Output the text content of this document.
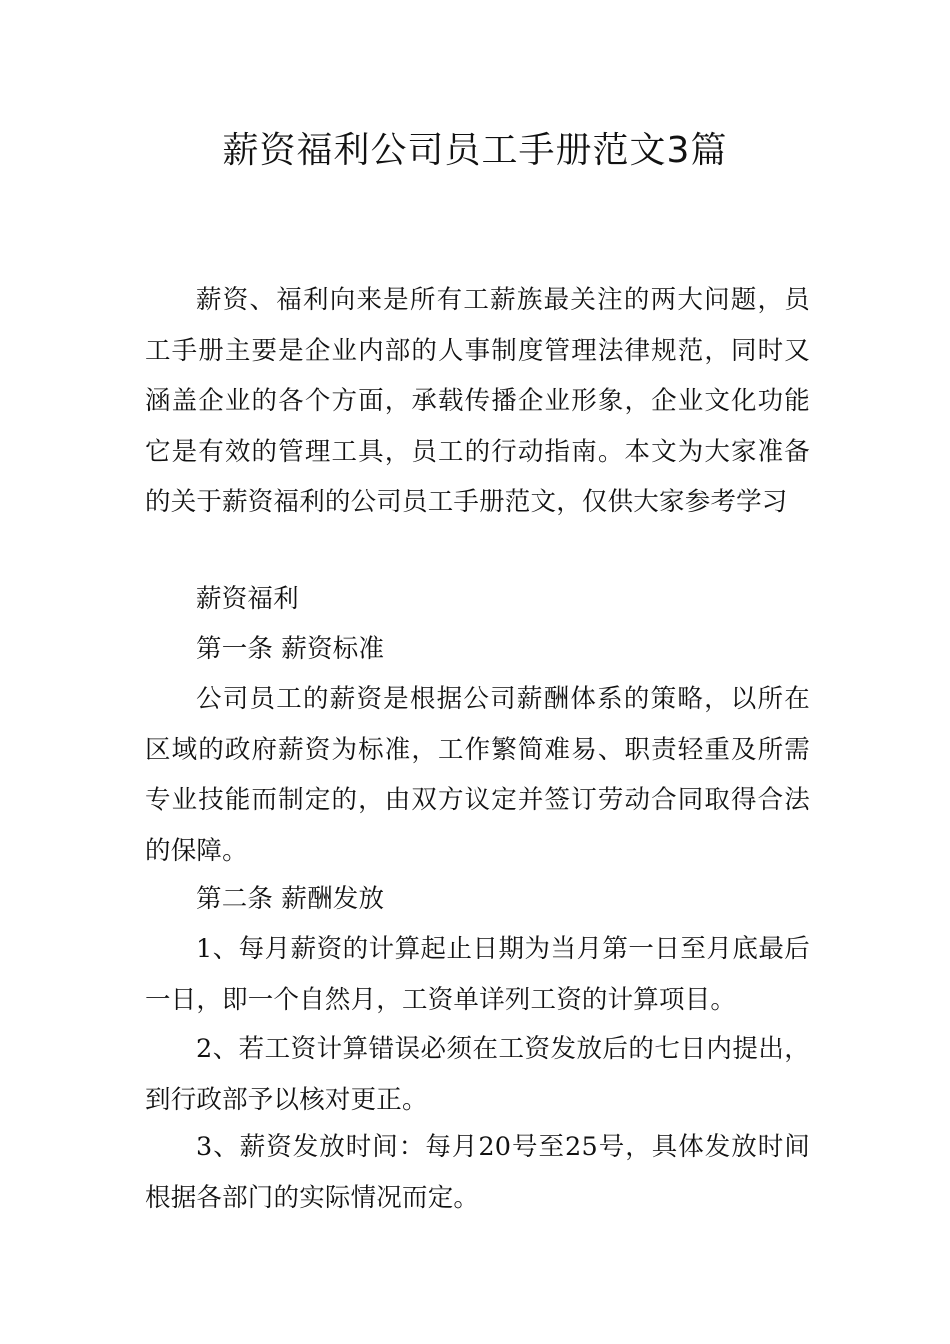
薪资福利公司员工手册范文3篇

薪资、福利向来是所有工薪族最关注的两大问题，员工手册主要是企业内部的人事制度管理法律规范，同时又涵盖企业的各个方面，承载传播企业形象，企业文化功能它是有效的管理工具，员工的行动指南。本文为大家准备的关于薪资福利的公司员工手册范文，仅供大家参考学习

薪资福利

第一条 薪资标准

公司员工的薪资是根据公司薪酬体系的策略，以所在区域的政府薪资为标准，工作繁简难易、职责轻重及所需专业技能而制定的，由双方议定并签订劳动合同取得合法的保障。

第二条 薪酬发放

1、每月薪资的计算起止日期为当月第一日至月底最后一日，即一个自然月，工资单详列工资的计算项目。

2、若工资计算错误必须在工资发放后的七日内提出，到行政部予以核对更正。

3、薪资发放时间：每月20号至25号，具体发放时间根据各部门的实际情况而定。
